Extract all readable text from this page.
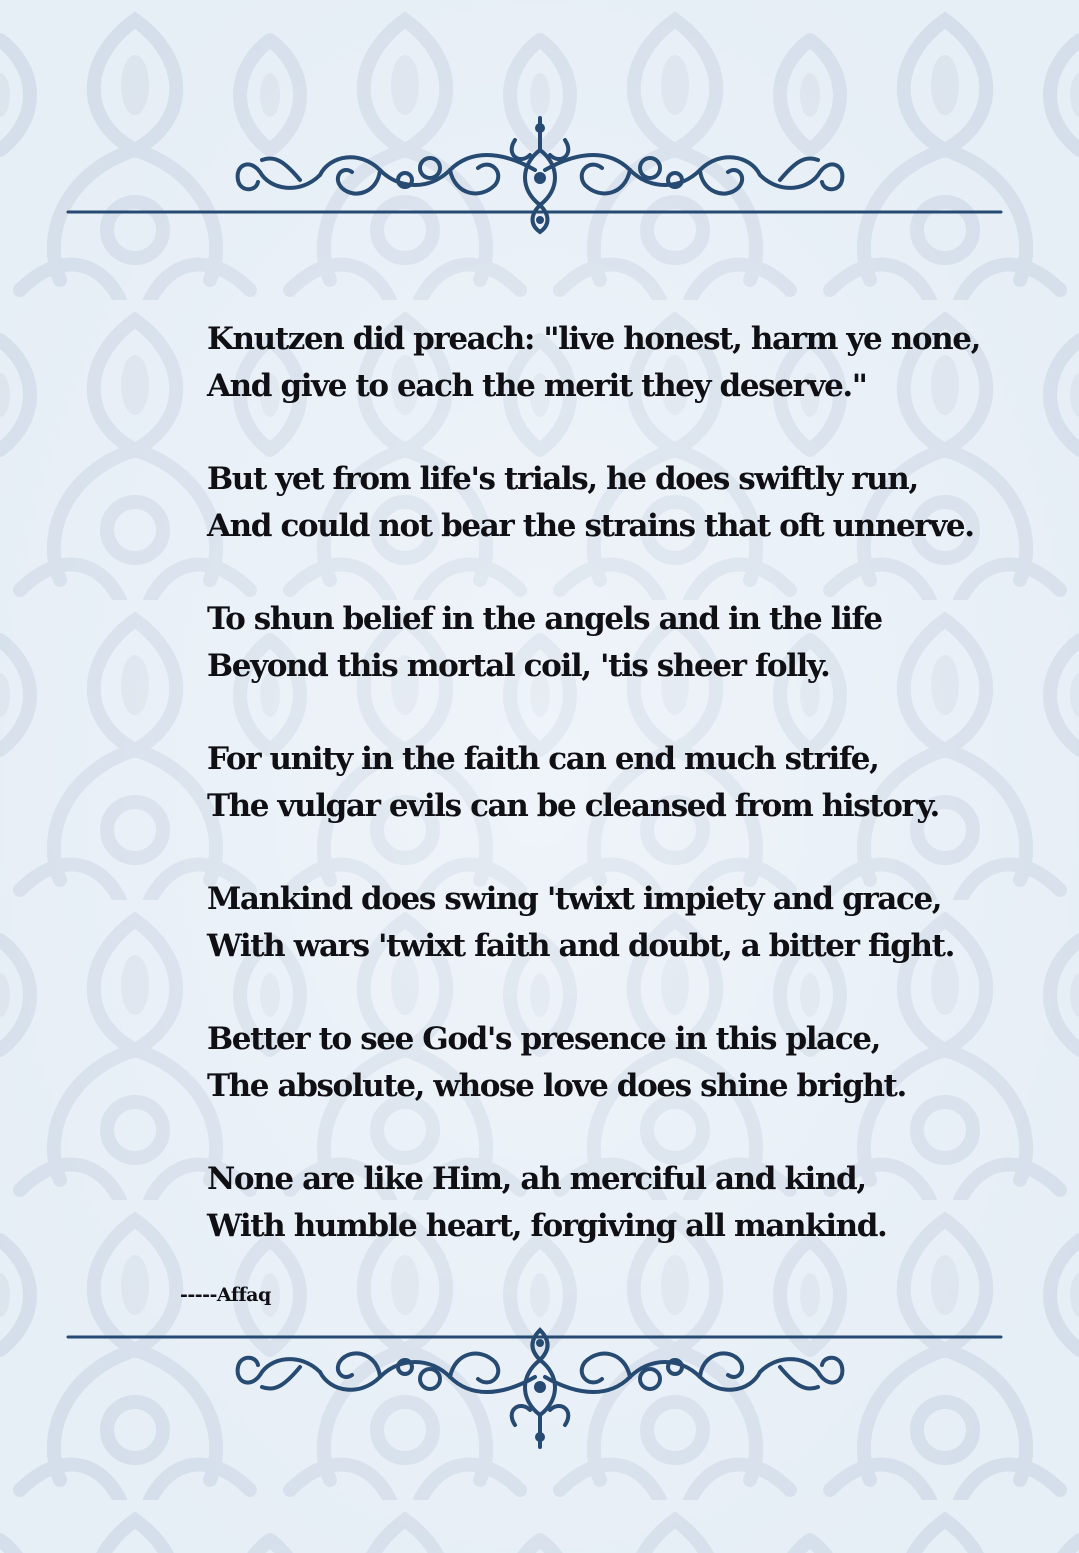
Knutzen did preach: "live honest, harm ye none,
And give to each the merit they deserve."
But yet from life's trials, he does swiftly run,
And could not bear the strains that oft unnerve.
To shun belief in the angels and in the life
Beyond this mortal coil, 'tis sheer folly.
For unity in the faith can end much strife,
The vulgar evils can be cleansed from history.
Mankind does swing 'twixt impiety and grace,
With wars 'twixt faith and doubt, a bitter fight.
Better to see God's presence in this place,
The absolute, whose love does shine bright.
None are like Him, ah merciful and kind,
With humble heart, forgiving all mankind.
-----Affaq
